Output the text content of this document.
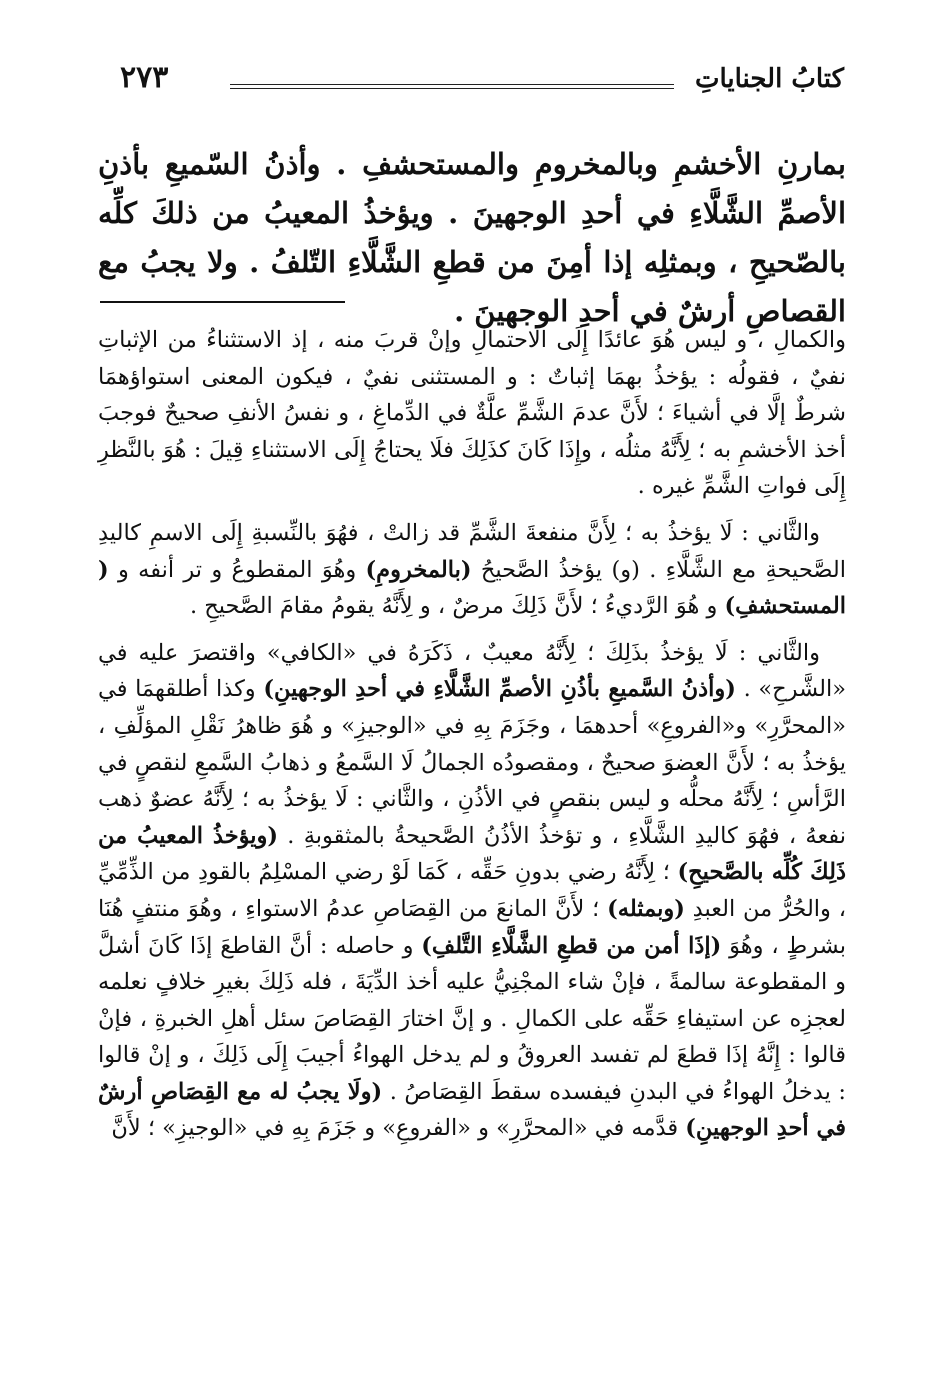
كتابُ الجناياتِ
٢٧٣
بمارنِ الأخشمِ وبالمخرومِ والمستحشفِ . وأذنُ السّميعِ بأذنِ الأصمِّ الشَّلَّاءِ في أحدِ الوجهينَ . ويؤخذُ المعيبُ من ذلكَ كلِّه بالصّحيحِ ، وبمثلِه إذا أمِنَ من قطعِ الشَّلَّاءِ التّلفُ . ولا يجبُ مع القصاصِ أرشٌ في أحدِ الوجهينَ .

والكمالِ ، و ليس هُوَ عائدًا إِلَى الاحتمالِ وإنْ قربَ منه ، إذ الاستثناءُ من الإثباتِ نفيٌ ، فقولُه : يؤخذُ بهمَا إثباتٌ : و المستثنى نفيٌ ، فيكون المعنى استواؤهمَا شرطٌ إلَّا في أشياءَ ؛ لأَنَّ عدمَ الشَّمِّ علَّةٌ في الدِّماغِ ، و نفسُ الأنفِ صحيحٌ فوجبَ أخذ الأخشمِ به ؛ لِأَنَّهُ مثلُه ، وإِذَا كَانَ كذَلِكَ فلَا يحتاجُ إِلَى الاستثناءِ قِيلَ : هُوَ بالنَّظرِ إِلَى فواتِ الشَّمِّ غيره .

والثَّاني : لَا يؤخذُ به ؛ لِأَنَّ منفعةَ الشَّمِّ قد زالتْ ، فهُوَ بالنِّسبةِ إِلَى الاسمِ كاليدِ الصَّحيحةِ مع الشَّلَّاءِ . (و) يؤخذُ الصَّحيحُ (بالمخرومِ) وهُوَ المقطوعُ و تر أنفه و ( المستحشفِ) و هُوَ الرَّديءُ ؛ لأَنَّ ذَلِكَ مرضٌ ، و لِأَنَّهُ يقومُ مقامَ الصَّحيحِ .

والثَّاني : لَا يؤخذُ بذَلِكَ ؛ لِأَنَّهُ معيبٌ ، ذَكَرَهُ في «الكافي» واقتصرَ عليه في «الشَّرحِ» . (وأذنُ السَّميعِ بأذُنِ الأصمِّ الشَّلَّاءِ في أحدِ الوجهينِ) وكذا أطلقهمَا في «المحرَّرِ» و«الفروعِ» أحدهمَا ، وجَزَمَ بِهِ في «الوجيزِ» و هُوَ ظاهرُ نَقْلِ المؤلِّفِ ، يؤخذُ به ؛ لأَنَّ العضوَ صحيحٌ ، ومقصودُه الجمالُ لَا السَّمعُ و ذهابُ السَّمعِ لنقصٍ في الرَّأسِ ؛ لِأَنَّهُ محلُّه و ليس بنقصٍ في الأذُنِ ، والثَّاني : لَا يؤخذُ به ؛ لِأَنَّهُ عضوٌ ذهب نفعهُ ، فهُوَ كاليدِ الشَّلَّاءِ ، و تؤخذُ الأذُنُ الصَّحيحةُ بالمثقوبةِ . (ويؤخذُ المعيبُ من ذَلِكَ كُلِّه بالصَّحيحِ) ؛ لِأَنَّهُ رضي بدونِ حَقِّه ، كَمَا لَوْ رضي المسْلِمُ بالقودِ من الذِّمِّيِّ ، والحُرُّ من العبدِ (وبمثله) ؛ لأَنَّ المانعَ من القِصَاصِ عدمُ الاستواءِ ، وهُوَ منتفٍ هُنَا بشرطٍ ، وهُوَ (إذَا أمن من قطعِ الشَّلَّاءِ التَّلفِ) و حاصله : أنَّ القاطعَ إذَا كَانَ أشلَّ و المقطوعة سالمةً ، فإنْ شاء المجْنِيُّ عليه أخذ الدِّيَةَ ، فله ذَلِكَ بغيرِ خلافٍ نعلمه لعجزِه عن استيفاءِ حَقِّه على الكمالِ . و إنَّ اختارَ القِصَاصَ سئل أهلِ الخبرةِ ، فإنْ قالوا : إِنَّهُ إذَا قطعَ لم تفسد العروقُ و لم يدخل الهواءُ أجيبَ إِلَى ذَلِكَ ، و إنْ قالوا : يدخلُ الهواءُ في البدنِ فيفسده سقطَ القِصَاصُ . (ولَا يجبُ له مع القِصَاصِ أرشٌ في أحدِ الوجهينِ) قدَّمه في «المحرَّرِ» و «الفروعِ» و جَزَمَ بِهِ في «الوجيزِ» ؛ لأَنَّ
